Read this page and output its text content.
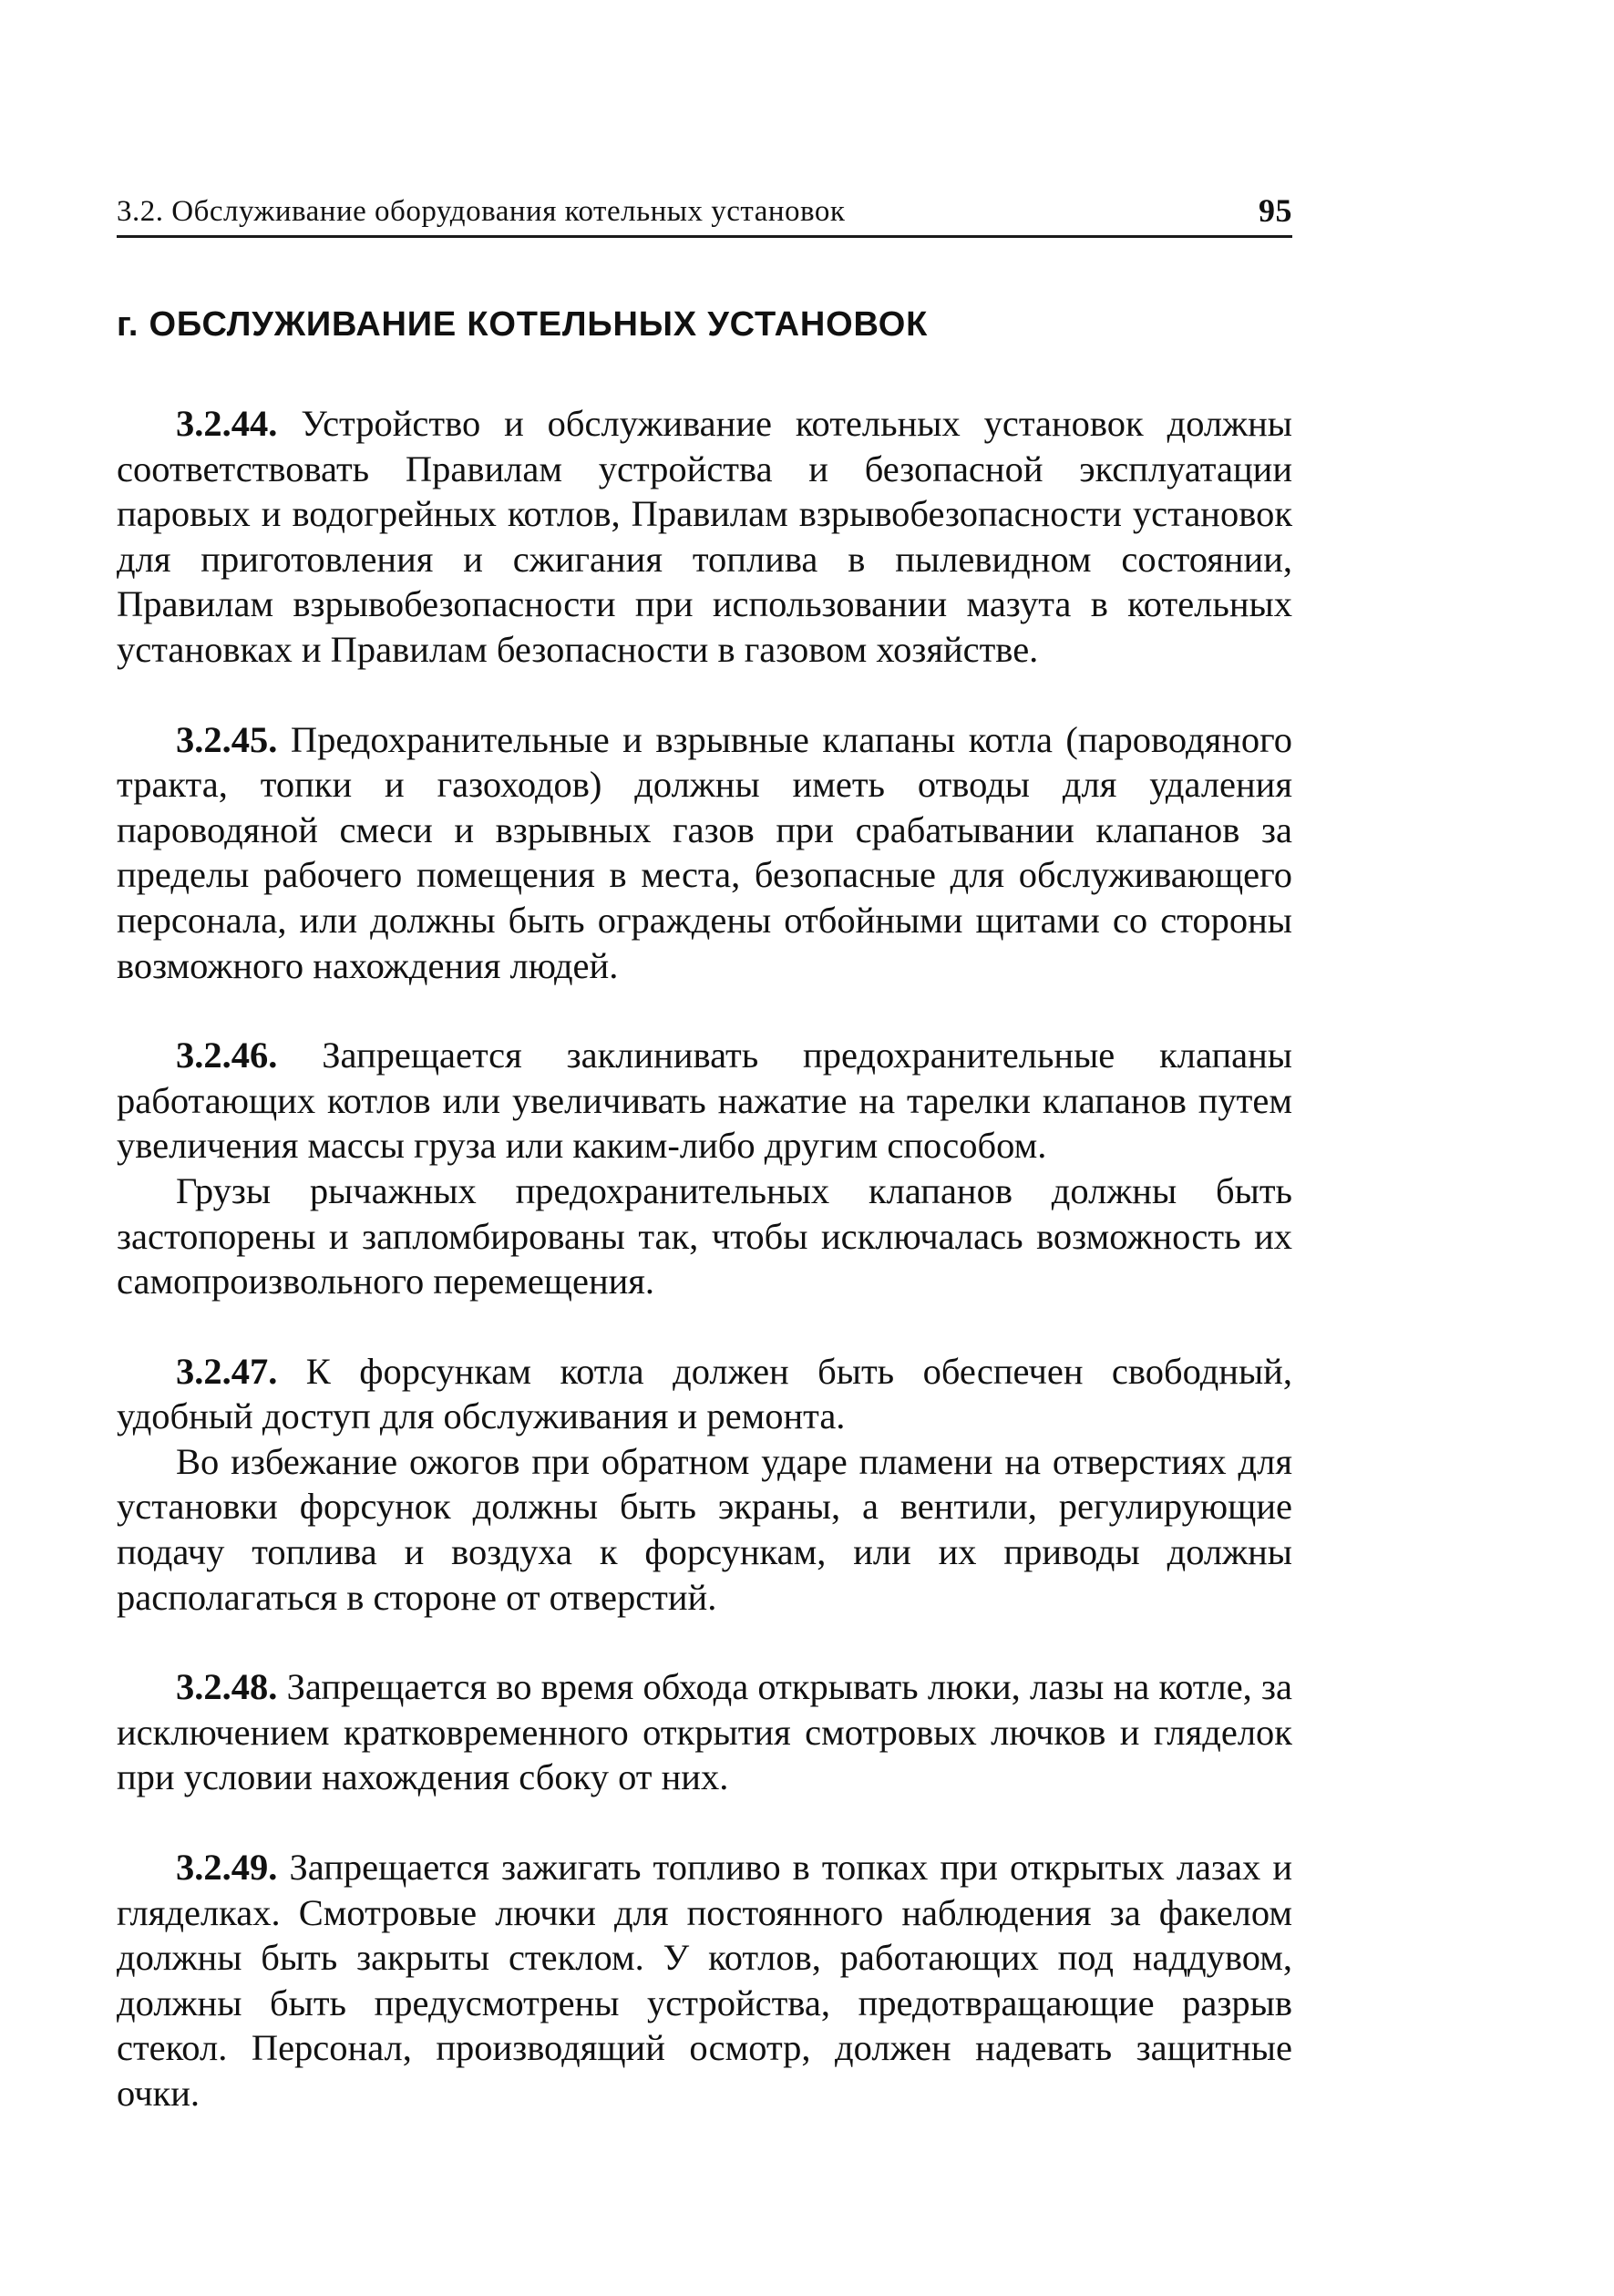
3.2. Обслуживание оборудования котельных установок	95
г. ОБСЛУЖИВАНИЕ КОТЕЛЬНЫХ УСТАНОВОК

3.2.44. Устройство и обслуживание котельных установок должны соответствовать Правилам устройства и безопасной эксплуатации паровых и водогрейных котлов, Правилам взрывобезопасности установок для приготовления и сжигания топлива в пылевидном состоянии, Правилам взрывобезопасности при использовании мазута в котельных установках и Правилам безопасности в газовом хозяйстве.

3.2.45. Предохранительные и взрывные клапаны котла (пароводяного тракта, топки и газоходов) должны иметь отводы для удаления пароводяной смеси и взрывных газов при срабатывании клапанов за пределы рабочего помещения в места, безопасные для обслуживающего персонала, или должны быть ограждены отбойными щитами со стороны возможного нахождения людей.

3.2.46. Запрещается заклинивать предохранительные клапаны работающих котлов или увеличивать нажатие на тарелки клапанов путем увеличения массы груза или каким-либо другим способом.

Грузы рычажных предохранительных клапанов должны быть застопорены и запломбированы так, чтобы исключалась возможность их самопроизвольного перемещения.

3.2.47. К форсункам котла должен быть обеспечен свободный, удобный доступ для обслуживания и ремонта.

Во избежание ожогов при обратном ударе пламени на отверстиях для установки форсунок должны быть экраны, а вентили, регулирующие подачу топлива и воздуха к форсункам, или их приводы должны располагаться в стороне от отверстий.

3.2.48. Запрещается во время обхода открывать люки, лазы на котле, за исключением кратковременного открытия смотровых лючков и гляделок при условии нахождения сбоку от них.

3.2.49. Запрещается зажигать топливо в топках при открытых лазах и гляделках. Смотровые лючки для постоянного наблюдения за факелом должны быть закрыты стеклом. У котлов, работающих под наддувом, должны быть предусмотрены устройства, предотвращающие разрыв стекол. Персонал, производящий осмотр, должен надевать защитные очки.
